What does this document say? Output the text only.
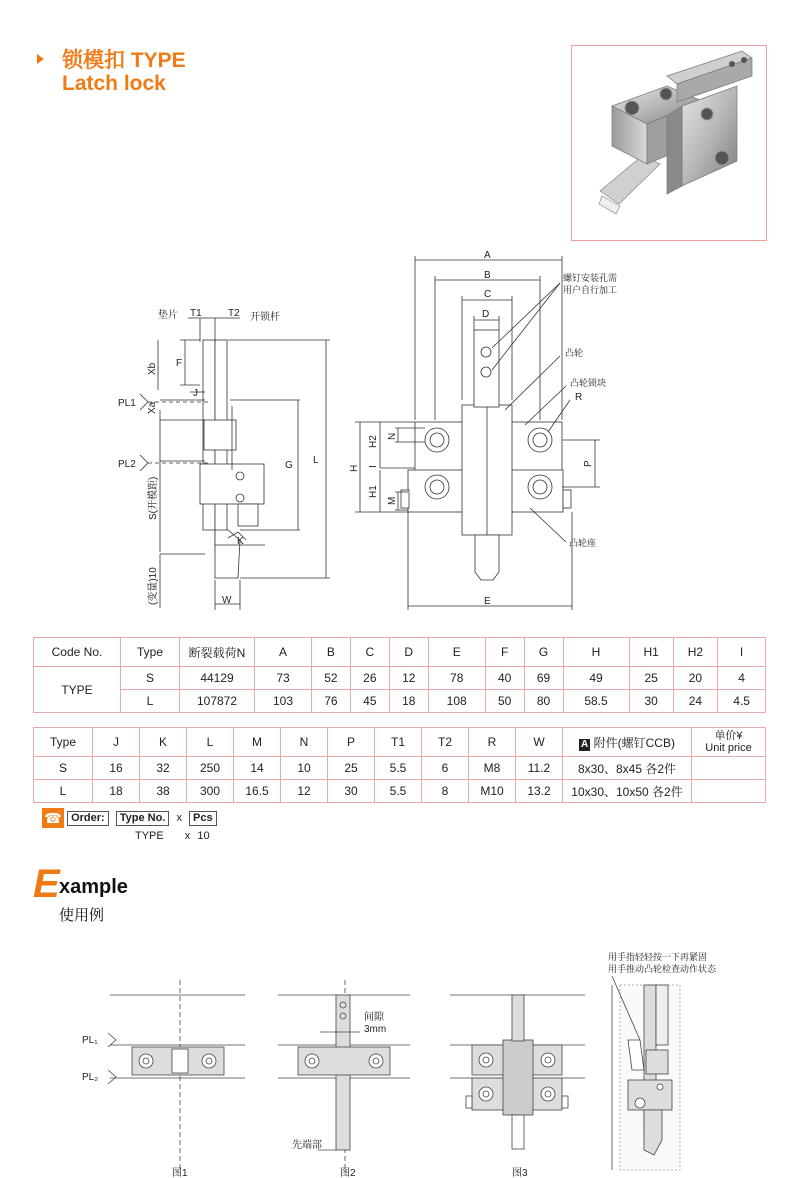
锁模扣 TYPE
Latch lock
垫片 T1	T2 开锁杆
F
J
PL1
PL2	G L
K
W
Xb
Xa
S(开模距)
(变量)10
A
B
C
D
螺钉安装孔需
用户自行加工
凸轮
凸轮锁块
R
凸轮座
E
N
H2
H I
H1
M
P
Code No.	Type	断裂载荷N	A	B	C	D	E	F	G	H	H1	H2	I
TYPE	S	44129	73	52	26	12	78	40	69	49	25	20	4
	L	107872	103	76	45	18	108	50	80	58.5	30	24	4.5
Type	J	K	L	M	N	P	T1	T2	R	W	A 附件(螺钉CCB)	单价¥
Unit price

S	16	32	250	14	10	25	5.5	6	M8	11.2	8x30、8x45 各2件	
L	18	38	300	16.5	12	30	5.5	8	M10	13.2	10x30、10x50 各2件	
☎ Order: Type No. x Pcs
TYPE x 10
E xample
使用例
PL₁
PL₂
间隙
3mm
先端部
用手指轻轻按一下再紧固
用手推动凸轮检查动作状态
图1	图2	图3
